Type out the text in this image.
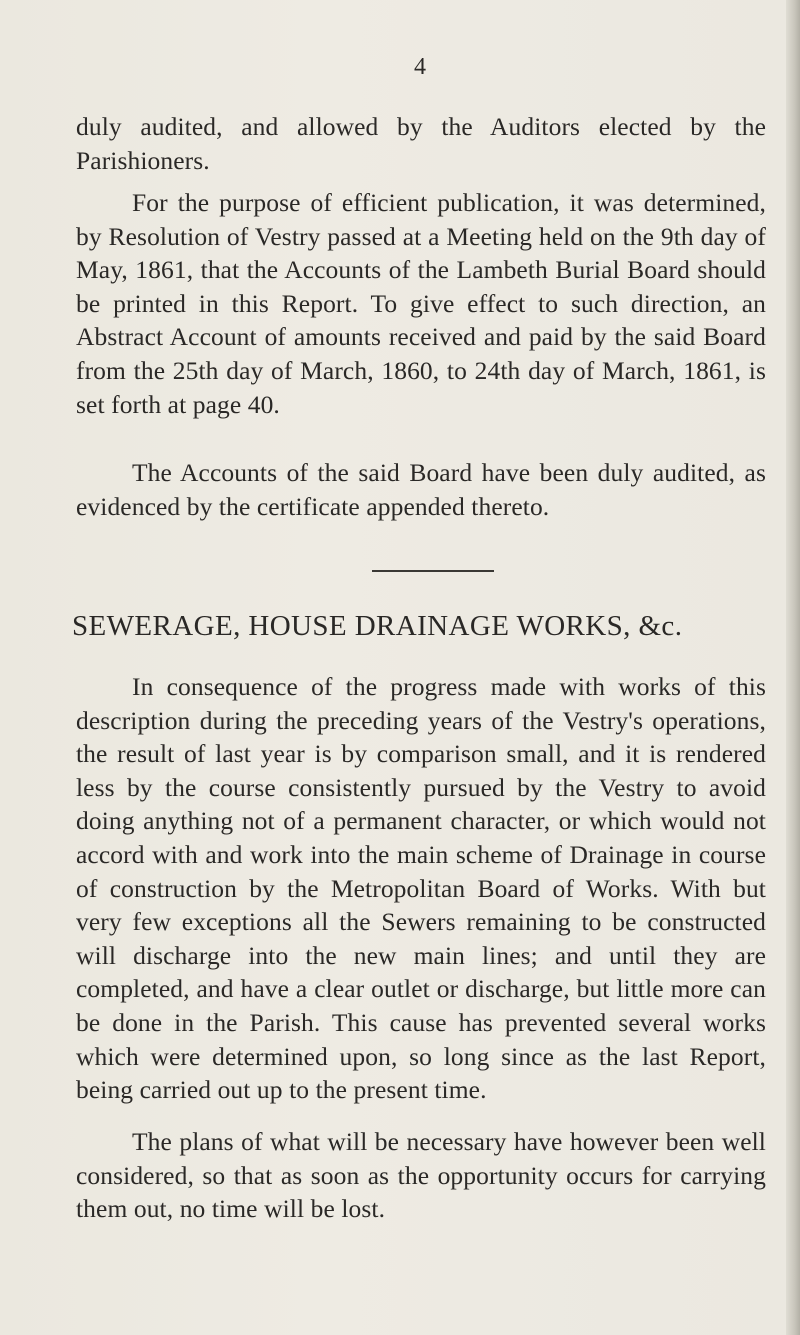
4

duly audited, and allowed by the Auditors elected by the Parishioners.

For the purpose of efficient publication, it was determined, by Resolution of Vestry passed at a Meeting held on the 9th day of May, 1861, that the Accounts of the Lambeth Burial Board should be printed in this Report. To give effect to such direction, an Abstract Account of amounts received and paid by the said Board from the 25th day of March, 1860, to 24th day of March, 1861, is set forth at page 40.

The Accounts of the said Board have been duly audited, as evidenced by the certificate appended thereto.

SEWERAGE, HOUSE DRAINAGE WORKS, &c.

In consequence of the progress made with works of this description during the preceding years of the Vestry's operations, the result of last year is by comparison small, and it is rendered less by the course consistently pursued by the Vestry to avoid doing anything not of a permanent character, or which would not accord with and work into the main scheme of Drainage in course of construction by the Metropolitan Board of Works. With but very few exceptions all the Sewers remaining to be constructed will discharge into the new main lines; and until they are completed, and have a clear outlet or discharge, but little more can be done in the Parish. This cause has prevented several works which were determined upon, so long since as the last Report, being carried out up to the present time.

The plans of what will be necessary have however been well considered, so that as soon as the opportunity occurs for carrying them out, no time will be lost.
